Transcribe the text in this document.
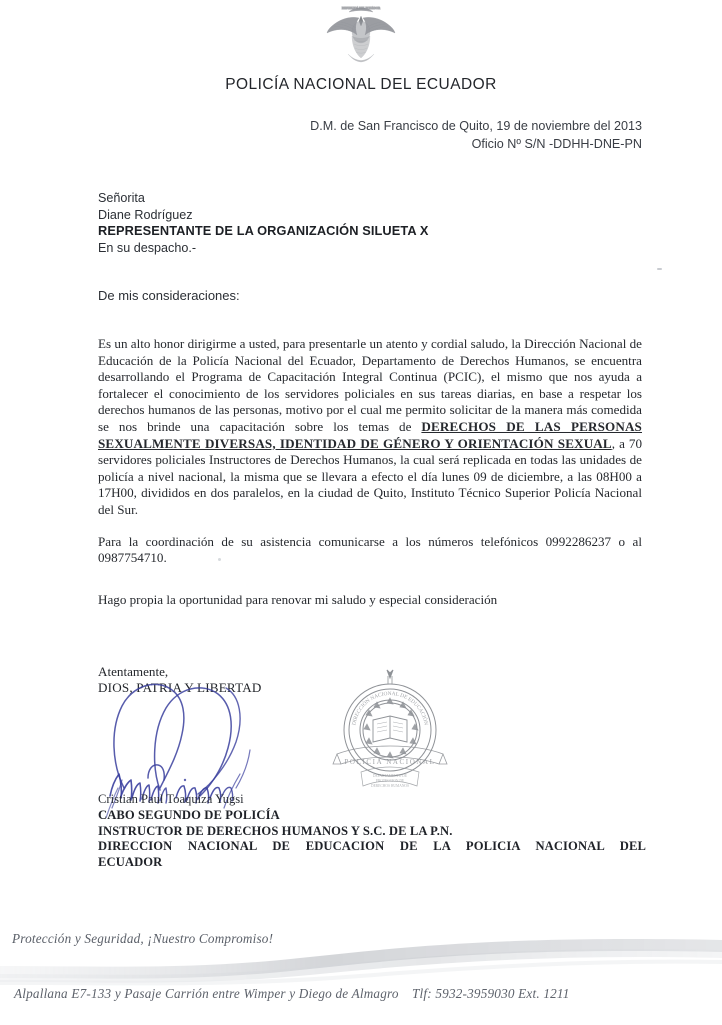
REPUBLICA DEL ECUADOR
POLICÍA NACIONAL DEL ECUADOR
D.M. de San Francisco de Quito, 19 de noviembre del 2013
Oficio Nº S/N -DDHH-DNE-PN
Señorita
Diane Rodríguez
REPRESENTANTE DE LA ORGANIZACIÓN SILUETA X
En su despacho.-
De mis consideraciones:

Es un alto honor dirigirme a usted, para presentarle un atento y cordial saludo, la Dirección Nacional de Educación de la Policía Nacional del Ecuador, Departamento de Derechos Humanos, se encuentra desarrollando el Programa de Capacitación Integral Continua (PCIC), el mismo que nos ayuda a fortalecer el conocimiento de los servidores policiales en sus tareas diarias, en base a respetar los derechos humanos de las personas, motivo por el cual me permito solicitar de la manera más comedida se nos brinde una capacitación sobre los temas de DERECHOS DE LAS PERSONAS SEXUALMENTE DIVERSAS, IDENTIDAD DE GÉNERO Y ORIENTACIÓN SEXUAL, a 70 servidores policiales Instructores de Derechos Humanos, la cual será replicada en todas las unidades de policía a nivel nacional, la misma que se llevara a efecto el día lunes 09 de diciembre, a las 08H00 a 17H00, divididos en dos paralelos, en la ciudad de Quito, Instituto Técnico Superior Policía Nacional del Sur.

Para la coordinación de su asistencia comunicarse a los números telefónicos 0992286237 o al 0987754710.

Hago propia la oportunidad para renovar mi saludo y especial consideración
Atentamente,
DIOS, PATRIA Y LIBERTAD
Cristian Paul Toaquiza Yugsi
CABO SEGUNDO DE POLICÍA
INSTRUCTOR DE DERECHOS HUMANOS Y S.C. DE LA P.N.
DIRECCION NACIONAL DE EDUCACION DE LA POLICIA NACIONAL DEL
ECUADOR
DIRECCIÓN NACIONAL DE EDUCACIÓN
POLICIA NACIONAL
DEPARTAMENTO DE
PROTECCION DE
DERECHOS HUMANOS
Protección y Seguridad, ¡Nuestro Compromiso!
Alpallana E7-133 y Pasaje Carrión entre Wimper y Diego de Almagro Tlf: 5932-3959030 Ext. 1211
